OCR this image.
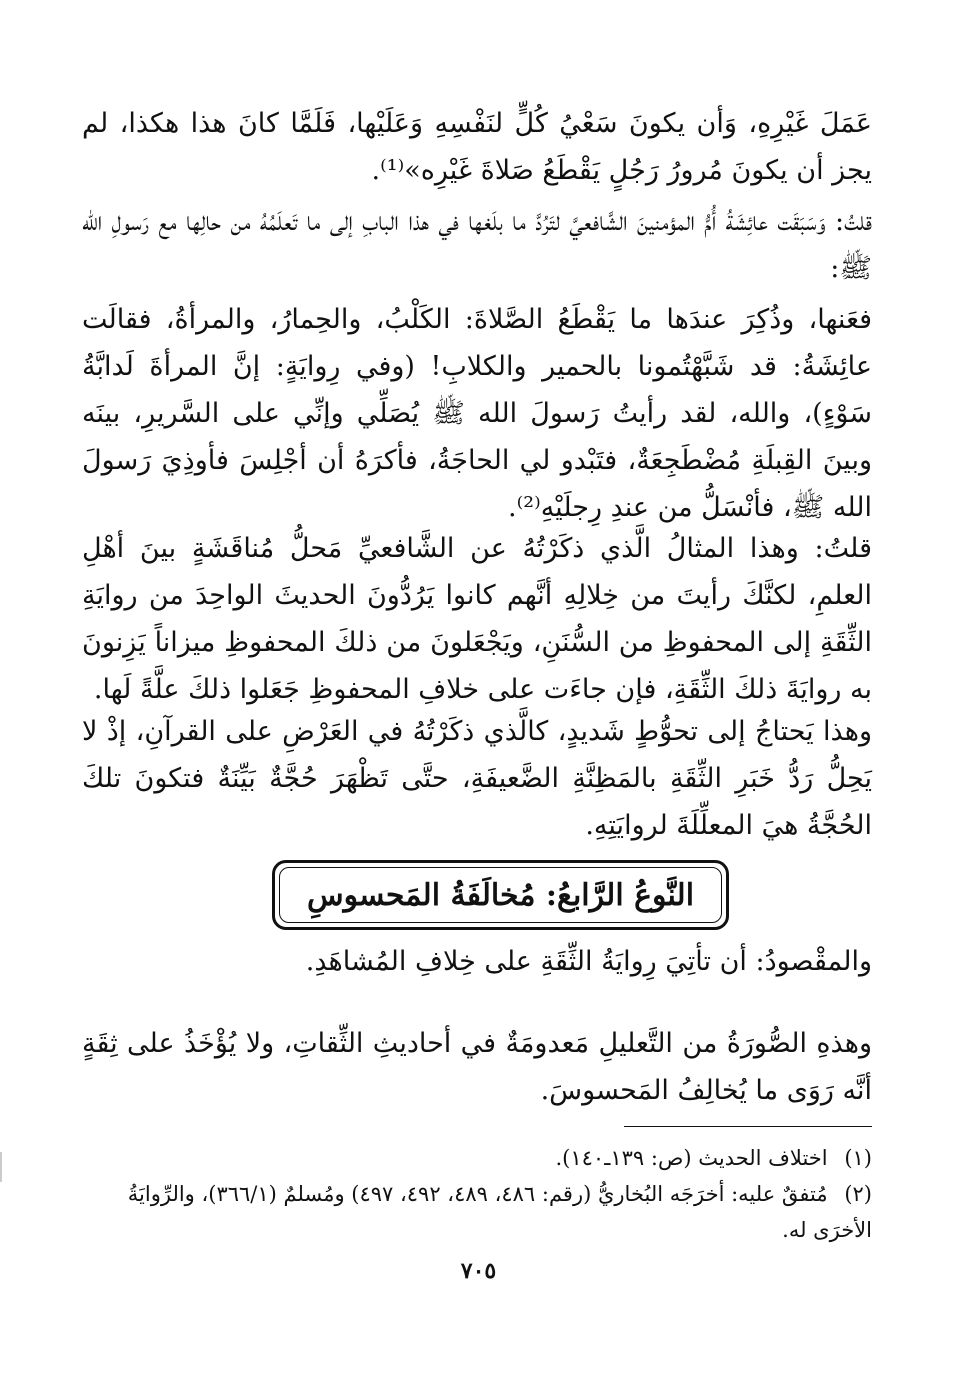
عَمَلَ غَيْرِهِ، وَأن يكونَ سَعْيُ كُلٍّ لنَفْسِهِ وَعَلَيْها، فَلَمَّا كانَ هذا هكذا، لم يجز أن يكونَ مُرورُ رَجُلٍ يَقْطَعُ صَلاةَ غَيْرِه»⁽¹⁾.

قلتُ: وَسَبَقَت عائِشَةُ أُمُّ المؤمنينَ الشَّافعيَّ لتَرُدَّ ما بلَغها في هذا البابِ إلى ما تَعلَمُهُ من حالِها مع رَسولِ الله ﷺ:

فعَنها، وذُكِرَ عندَها ما يَقْطَعُ الصَّلاةَ: الكَلْبُ، والحِمارُ، والمرأةُ، فقالَت عائِشَةُ: قد شَبَّهْتُمونا بالحمير والكلابِ! (وفي رِوايَةٍ: إنَّ المرأةَ لَدابَّةُ سَوْءٍ)، والله، لقد رأيتُ رَسولَ الله ﷺ يُصَلِّي وإنِّي على السَّريرِ، بينَه وبينَ القِبلَةِ مُضْطَجِعَةٌ، فتَبْدو لي الحاجَةُ، فأكرَهُ أن أجْلِسَ فأوذِيَ رَسولَ الله ﷺ، فأنْسَلُّ من عندِ رِجلَيْهِ⁽²⁾.

قلتُ: وهذا المثالُ الَّذي ذكَرْتُهُ عن الشَّافعيِّ مَحلُّ مُناقَشَةٍ بينَ أهْلِ العلمِ، لكنَّكَ رأيتَ من خِلالِهِ أنَّهم كانوا يَرُدُّونَ الحديثَ الواحِدَ من روايَةِ الثِّقَةِ إلى المحفوظِ من السُّنَنِ، ويَجْعَلونَ من ذلكَ المحفوظِ ميزاناً يَزِنونَ به روايَةَ ذلكَ الثِّقَةِ، فإن جاءَت على خلافِ المحفوظِ جَعَلوا ذلكَ علَّةً لَها.

وهذا يَحتاجُ إلى تحوُّطٍ شَديدٍ، كالَّذي ذكَرْتُهُ في العَرْضِ على القرآنِ، إذْ لا يَحِلُّ رَدُّ خَبَرِ الثِّقَةِ بالمَظِنَّةِ الضَّعيفَةِ، حتَّى تَظْهَرَ حُجَّةٌ بَيِّنَةٌ فتكونَ تلكَ الحُجَّةُ هيَ المعلِّلَةَ لروايَتِهِ.

النَّوعُ الرَّابعُ: مُخالَفَةُ المَحسوسِ

والمقْصودُ: أن تأتِيَ رِوايَةُ الثِّقَةِ على خِلافِ المُشاهَدِ.

وهذهِ الصُّورَةُ من التَّعليلِ مَعدومَةٌ في أحاديثِ الثِّقاتِ، ولا يُؤْخَذُ على ثِقَةٍ أنَّه رَوَى ما يُخالِفُ المَحسوسَ.

(١) اختلاف الحديث (ص: ١٣٩ـ١٤٠).

(٢) مُتفقٌ عليه: أخرَجَه البُخاريُّ (رقم: ٤٨٦، ٤٨٩، ٤٩٢، ٤٩٧) ومُسلمٌ (٣٦٦/١)، والرِّوايَةُ الأخرَى له.

٧٠٥
